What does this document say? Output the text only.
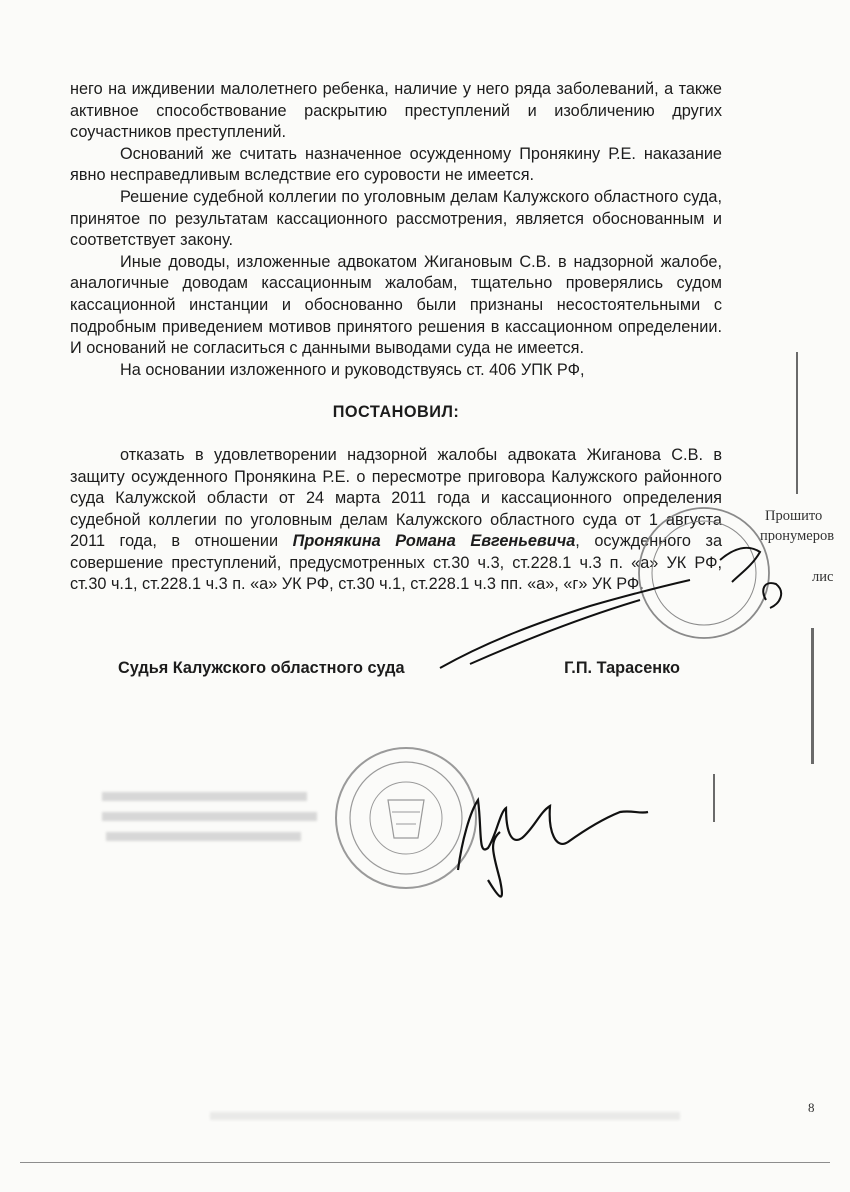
него на иждивении малолетнего ребенка, наличие у него ряда заболеваний, а также активное способствование раскрытию преступлений и изобличению других соучастников преступлений.

Оснований же считать назначенное осужденному Пронякину Р.Е. наказание явно несправедливым вследствие его суровости не имеется.

Решение судебной коллегии по уголовным делам Калужского областного суда, принятое по результатам кассационного рассмотрения, является обоснованным и соответствует закону.

Иные доводы, изложенные адвокатом Жигановым С.В. в надзорной жалобе, аналогичные доводам кассационным жалобам, тщательно проверялись судом кассационной инстанции и обоснованно были признаны несостоятельными с подробным приведением мотивов принятого решения в кассационном определении. И оснований не согласиться с данными выводами суда не имеется.

На основании изложенного и руководствуясь ст. 406 УПК РФ,

ПОСТАНОВИЛ:

отказать в удовлетворении надзорной жалобы адвоката Жиганова С.В. в защиту осужденного Пронякина Р.Е. о пересмотре приговора Калужского районного суда Калужской области от 24 марта 2011 года и кассационного определения судебной коллегии по уголовным делам Калужского областного суда от 1 августа 2011 года, в отношении Пронякина Романа Евгеньевича, осужденного за совершение преступлений, предусмотренных ст.30 ч.3, ст.228.1 ч.3 п. «а» УК РФ, ст.30 ч.1, ст.228.1 ч.3 п. «а» УК РФ, ст.30 ч.1, ст.228.1 ч.3 пп. «а», «г» УК РФ.

Судья Калужского областного суда	Г.П. Тарасенко
Прошито
пронумеров
лис
8
